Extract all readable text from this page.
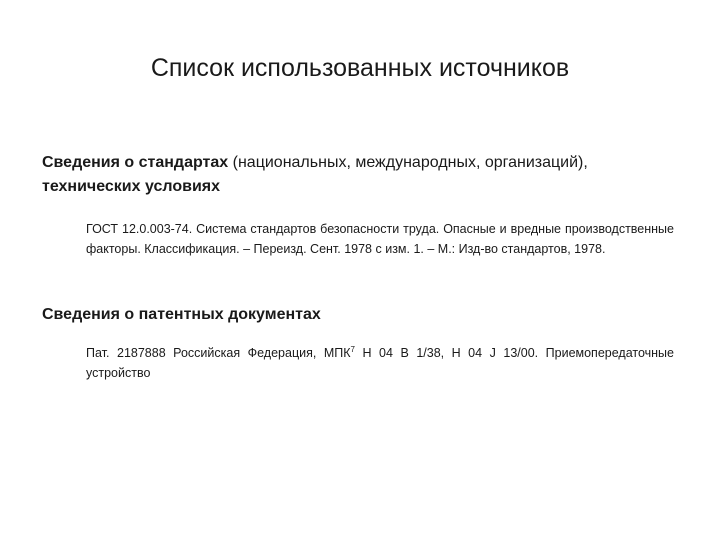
Список использованных источников
Сведения о стандартах (национальных, международных, организаций),
технических условиях
ГОСТ 12.0.003-74. Система стандартов безопасности труда. Опасные и вредные производственные факторы. Классификация. – Переизд. Сент. 1978 с изм. 1. – М.: Изд-во стандартов, 1978.
Сведения о патентных документах
Пат. 2187888 Российская Федерация, МПК$^7$ Н 04 В 1/38, Н 04 J 13/00. Приемопередаточные устройство
